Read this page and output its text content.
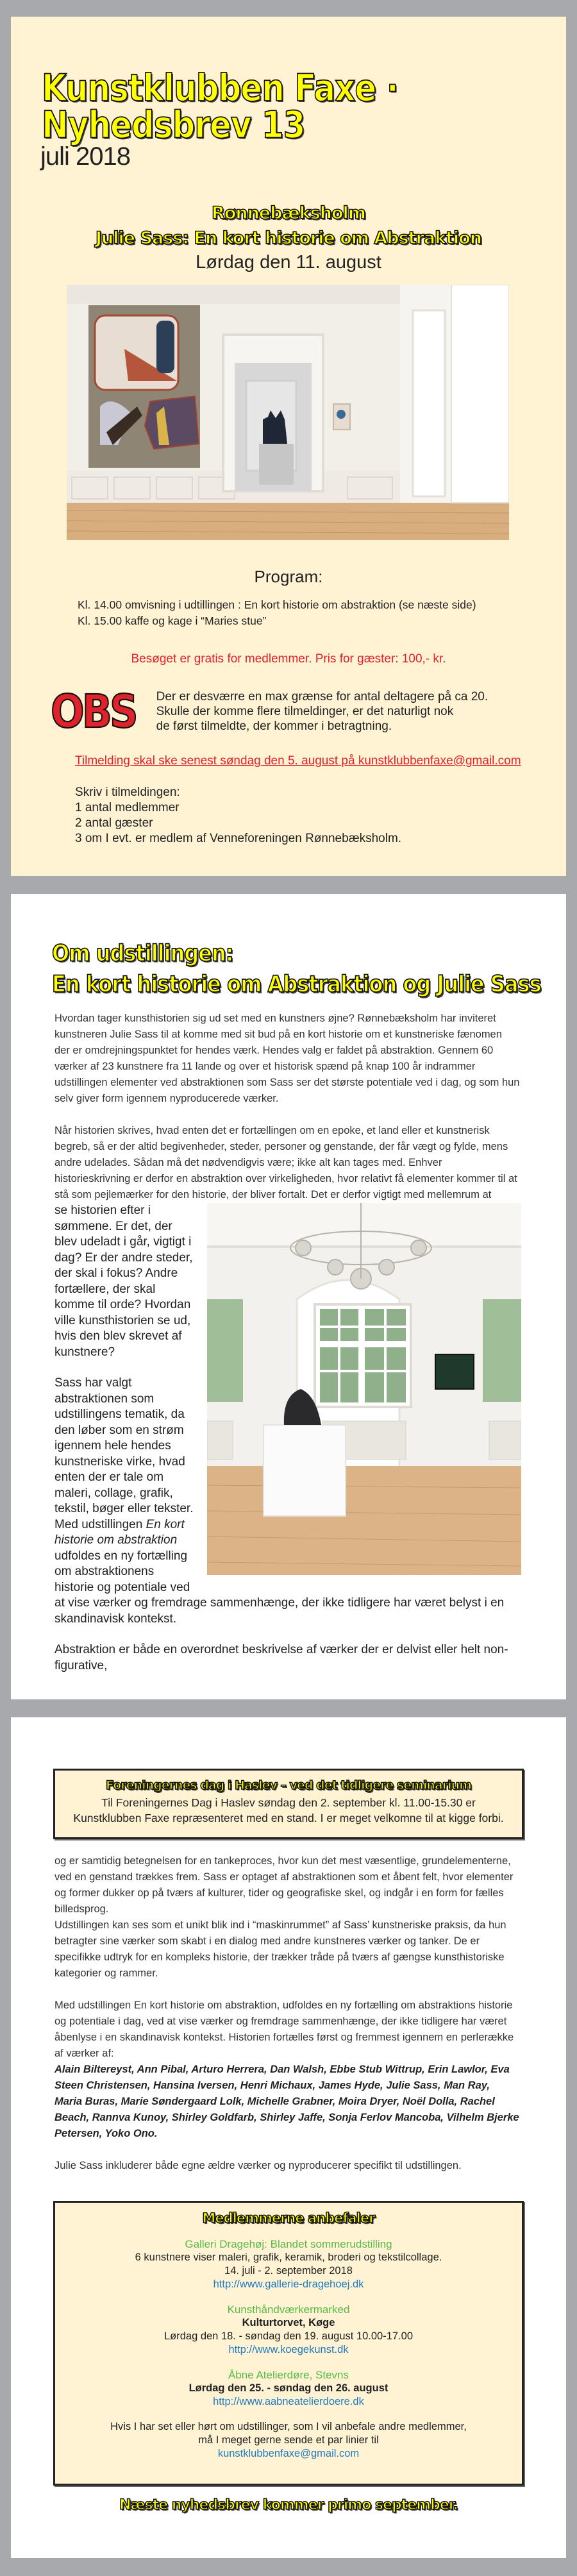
Kunstklubben Faxe · Nyhedsbrev 13
juli 2018
Rønnebæksholm
Julie Sass: En kort historie om Abstraktion
Lørdag den 11. august
Program:
Kl. 14.00 omvisning i udtillingen : En kort historie om abstraktion (se næste side)
Kl. 15.00 kaffe og kage i “Maries stue”
Besøget er gratis for medlemmer. Pris for gæster: 100,- kr.
OBS Der er desværre en max grænse for antal deltagere på ca 20.
Skulle der komme flere tilmeldinger, er det naturligt nok
de først tilmeldte, der kommer i betragtning.
Tilmelding skal ske senest søndag den 5. august på kunstklubbenfaxe@gmail.com
Skriv i tilmeldingen:
1 antal medlemmer
2 antal gæster
3 om I evt. er medlem af Venneforeningen Rønnebæksholm.
Om udstillingen:
En kort historie om Abstraktion og Julie Sass

Hvordan tager kunsthistorien sig ud set med en kunstners øjne? Rønnebæksholm har inviteret kunstneren Julie Sass til at komme med sit bud på en kort historie om et kunstneriske fænomen der er omdrejningspunktet for hendes værk. Hendes valg er faldet på abstraktion. Gennem 60 værker af 23 kunstnere fra 11 lande og over et historisk spænd på knap 100 år indrammer udstillingen elementer ved abstraktionen som Sass ser det største potentiale ved i dag, og som hun selv giver form igennem nyproducerede værker.

Når historien skrives, hvad enten det er fortællingen om en epoke, et land eller et kunstnerisk begreb, så er der altid begivenheder, steder, personer og genstande, der får vægt og fylde, mens andre udelades. Sådan må det nødvendigvis være; ikke alt kan tages med. Enhver historieskrivning er derfor en abstraktion over virkeligheden, hvor relativt få elementer kommer til at stå som pejlemærker for den historie, der bliver fortalt. Det er derfor vigtigt med mellemrum at

se historien efter i sømmene. Er det, der blev udeladt i går, vigtigt i dag? Er der andre steder, der skal i fokus? Andre fortællere, der skal komme til orde? Hvordan ville kunsthistorien se ud, hvis den blev skrevet af kunstnere?

Sass har valgt abstraktionen som udstillingens tematik, da den løber som en strøm igennem hele hendes kunstneriske virke, hvad enten der er tale om maleri, collage, grafik, tekstil, bøger eller tekster. Med udstillingen En kort historie om abstraktion udfoldes en ny fortælling om abstraktionens historie og potentiale ved at vise værker og fremdrage sammenhænge, der ikke tidligere har været belyst i en skandinavisk kontekst.

Abstraktion er både en overordnet beskrivelse af værker der er delvist eller helt non-figurative,

Foreningernes dag i Haslev – ved det tidligere seminarium
Til Foreningernes Dag i Haslev søndag den 2. september kl. 11.00-15.30 er
Kunstklubben Faxe repræsenteret med en stand. I er meget velkomne til at kigge forbi.
og er samtidig betegnelsen for en tankeproces, hvor kun det mest væsentlige, grundelementerne, ved en genstand trækkes frem. Sass er optaget af abstraktionen som et åbent felt, hvor elementer og former dukker op på tværs af kulturer, tider og geografiske skel, og indgår i en form for fælles billedsprog.
Udstillingen kan ses som et unikt blik ind i “maskinrummet” af Sass’ kunstneriske praksis, da hun betragter sine værker som skabt i en dialog med andre kunstneres værker og tanker. De er specifikke udtryk for en kompleks historie, der trækker tråde på tværs af gængse kunsthistoriske kategorier og rammer.

Med udstillingen En kort historie om abstraktion, udfoldes en ny fortælling om abstraktions historie og potentiale i dag, ved at vise værker og fremdrage sammenhænge, der ikke tidligere har været åbenlyse i en skandinavisk kontekst. Historien fortælles først og fremmest igennem en perlerække af værker af:

Alain Biltereyst, Ann Pibal, Arturo Herrera, Dan Walsh, Ebbe Stub Wittrup, Erin Lawlor, Eva Steen Christensen, Hansina Iversen, Henri Michaux, James Hyde, Julie Sass, Man Ray, Maria Buras, Marie Søndergaard Lolk, Michelle Grabner, Moira Dryer, Noël Dolla, Rachel Beach, Rannva Kunoy, Shirley Goldfarb, Shirley Jaffe, Sonja Ferlov Mancoba, Vilhelm Bjerke Petersen, Yoko Ono.

Julie Sass inkluderer både egne ældre værker og nyproducerer specifikt til udstillingen.

Medlemmerne anbefaler
Galleri Dragehøj: Blandet sommerudstilling
6 kunstnere viser maleri, grafik, keramik, broderi og tekstilcollage.
14. juli - 2. september 2018
http://www.gallerie-dragehoej.dk
Kunsthåndværkermarked
Kulturtorvet, Køge
Lørdag den 18. - søndag den 19. august 10.00-17.00
http://www.koegekunst.dk
Åbne Atelierdøre, Stevns
Lørdag den 25. - søndag den 26. august
http://www.aabneatelierdoere.dk
Hvis I har set eller hørt om udstillinger, som I vil anbefale andre medlemmer,
må I meget gerne sende et par linier til
kunstklubbenfaxe@gmail.com
Næste nyhedsbrev kommer primo september.
